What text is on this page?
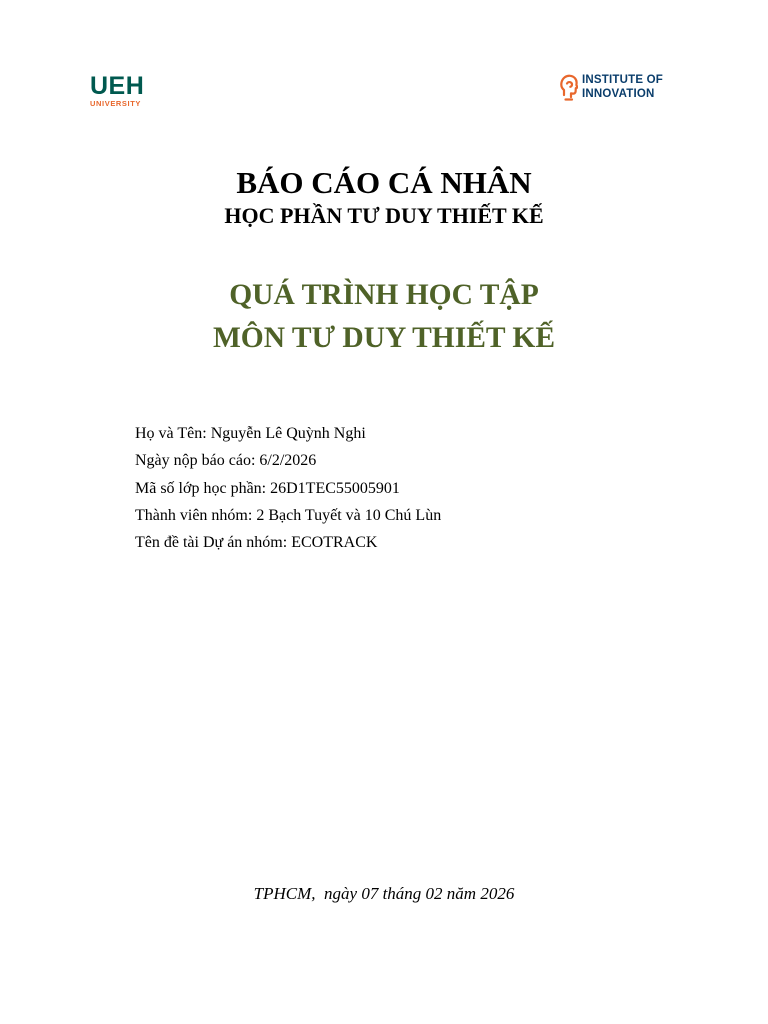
UEH
UNIVERSITY
INSTITUTE OF
INNOVATION
BÁO CÁO CÁ NHÂN
HỌC PHẦN TƯ DUY THIẾT KẾ
QUÁ TRÌNH HỌC TẬP
MÔN TƯ DUY THIẾT KẾ
Họ và Tên: Nguyễn Lê Quỳnh Nghi
Ngày nộp báo cáo: 6/2/2026
Mã số lớp học phần: 26D1TEC55005901
Thành viên nhóm: 2 Bạch Tuyết và 10 Chú Lùn
Tên đề tài Dự án nhóm: ECOTRACK
TPHCM,  ngày 07 tháng 02 năm 2026
